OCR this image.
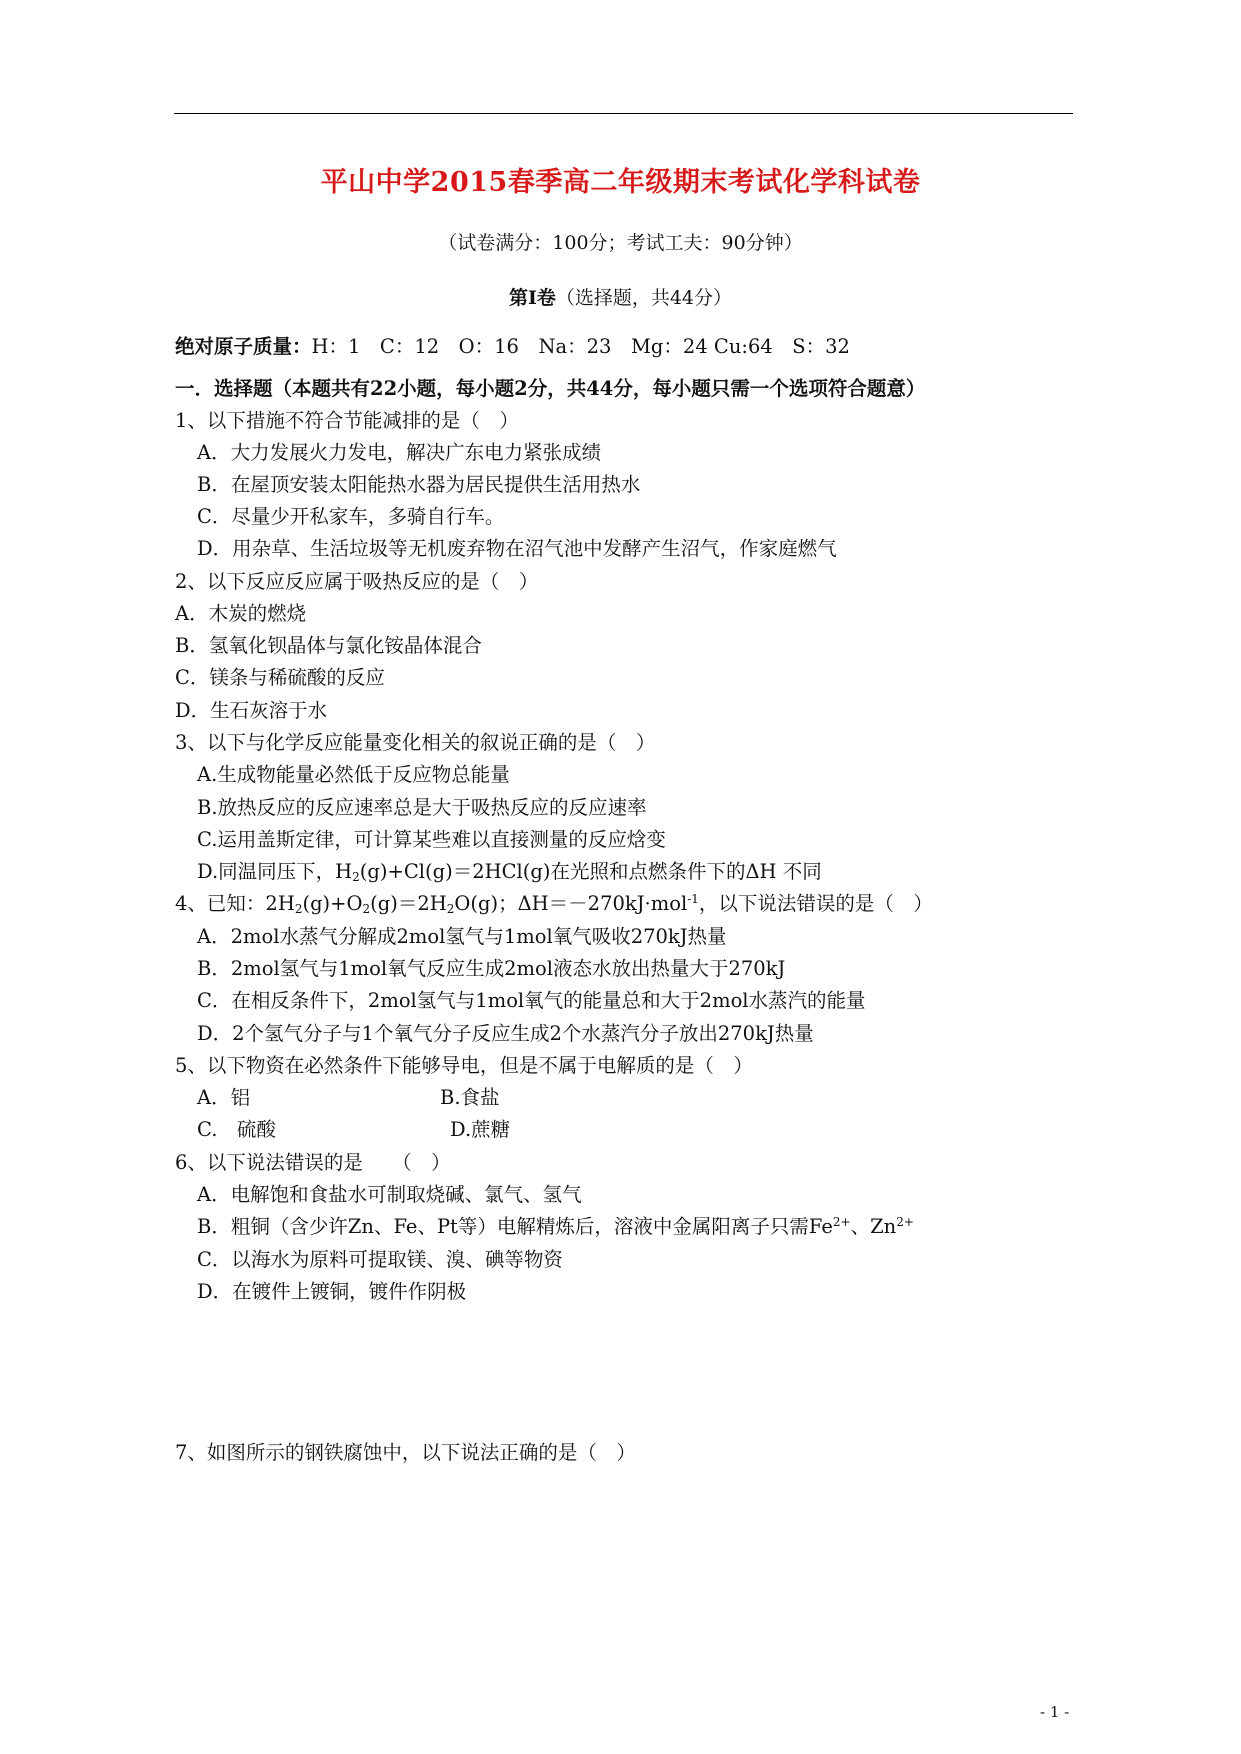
平山中学2015春季高二年级期末考试化学科试卷
（试卷满分：100分；考试工夫：90分钟）
第Ⅰ卷（选择题，共44分）
绝对原子质量：H：1　C：12　O：16　Na：23　Mg：24 Cu:64　S：32
一．选择题（本题共有22小题，每小题2分，共44分，每小题只需一个选项符合题意）
1、以下措施不符合节能减排的是（　）
A．大力发展火力发电，解决广东电力紧张成绩
B．在屋顶安装太阳能热水器为居民提供生活用热水
C．尽量少开私家车，多骑自行车。
D．用杂草、生活垃圾等无机废弃物在沼气池中发酵产生沼气，作家庭燃气
2、以下反应反应属于吸热反应的是（　）
A．木炭的燃烧
B．氢氧化钡晶体与氯化铵晶体混合
C．镁条与稀硫酸的反应
D．生石灰溶于水
3、以下与化学反应能量变化相关的叙说正确的是（　）
A.生成物能量必然低于反应物总能量
B.放热反应的反应速率总是大于吸热反应的反应速率
C.运用盖斯定律，可计算某些难以直接测量的反应焓变
D.同温同压下，$H_2(g)+Cl(g)=2HCl(g)$在光照和点燃条件下的ΔH 不同
4、已知：$2H_2(g)+O_2(g)=2H_2O(g)$；ΔH＝－270kJ·mol$^{-1}$，以下说法错误的是（　）
A．2mol水蒸气分解成2mol氢气与1mol氧气吸收270kJ热量
B．2mol氢气与1mol氧气反应生成2mol液态水放出热量大于270kJ
C．在相反条件下，2mol氢气与1mol氧气的能量总和大于2mol水蒸汽的能量
D．2个氢气分子与1个氧气分子反应生成2个水蒸汽分子放出270kJ热量
5、以下物资在必然条件下能够导电，但是不属于电解质的是（　）
A．铝	B.食盐
C.　硫酸	D.蔗糖
6、以下说法错误的是　　（　）
A．电解饱和食盐水可制取烧碱、氯气、氢气
B．粗铜（含少许Zn、Fe、Pt等）电解精炼后，溶液中金属阳离子只需$Fe^{2+}$、$Zn^{2+}$
C．以海水为原料可提取镁、溴、碘等物资
D．在镀件上镀铜，镀件作阴极
7、如图所示的钢铁腐蚀中，以下说法正确的是（　）
- 1 -
